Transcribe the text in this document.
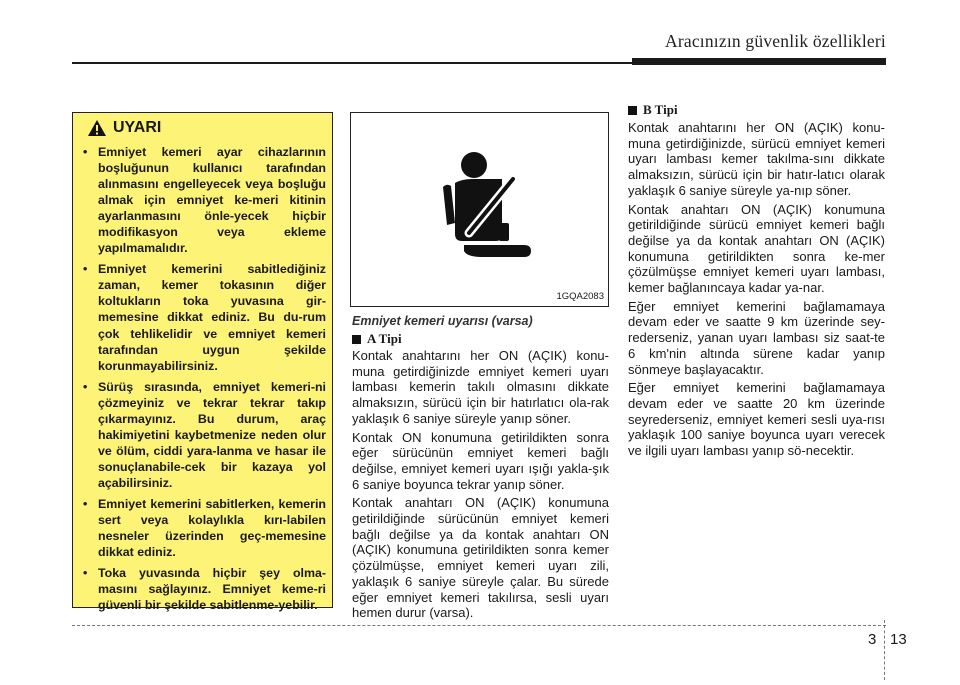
Aracınızın güvenlik özellikleri
UYARI
• Emniyet kemeri ayar cihazlarının boşluğunun kullanıcı tarafından alınmasını engelleyecek veya boşluğu almak için emniyet ke-meri kitinin ayarlanmasını önle-yecek hiçbir modifikasyon veya ekleme yapılmamalıdır.
• Emniyet kemerini sabitlediğiniz zaman, kemer tokasının diğer koltukların toka yuvasına gir-memesine dikkat ediniz. Bu du-rum çok tehlikelidir ve emniyet kemeri tarafından uygun şekilde korunmayabilirsiniz.
• Sürüş sırasında, emniyet kemeri-ni çözmeyiniz ve tekrar tekrar takıp çıkarmayınız. Bu durum, araç hakimiyetini kaybetmenize neden olur ve ölüm, ciddi yara-lanma ve hasar ile sonuçlanabile-cek bir kazaya yol açabilirsiniz.
• Emniyet kemerini sabitlerken, kemerin sert veya kolaylıkla kırı-labilen nesneler üzerinden geç-memesine dikkat ediniz.
• Toka yuvasında hiçbir şey olma-masını sağlayınız. Emniyet keme-ri güvenli bir şekilde sabitlenme-yebilir.
1GQA2083
Emniyet kemeri uyarısı (varsa)
A Tipi

Kontak anahtarını her ON (AÇIK) konu-muna getirdiğinizde emniyet kemeri uyarı lambası kemerin takılı olmasını dikkate almaksızın, sürücü için bir hatırlatıcı ola-rak yaklaşık 6 saniye süreyle yanıp söner.

Kontak ON konumuna getirildikten sonra eğer sürücünün emniyet kemeri bağlı değilse, emniyet kemeri uyarı ışığı yakla-şık 6 saniye boyunca tekrar yanıp söner.

Kontak anahtarı ON (AÇIK) konumuna getirildiğinde sürücünün emniyet kemeri bağlı değilse ya da kontak anahtarı ON (AÇIK) konumuna getirildikten sonra kemer çözülmüşse, emniyet kemeri uyarı zili, yaklaşık 6 saniye süreyle çalar. Bu sürede eğer emniyet kemeri takılırsa, sesli uyarı hemen durur (varsa).

B Tipi

Kontak anahtarını her ON (AÇIK) konu-muna getirdiğinizde, sürücü emniyet kemeri uyarı lambası kemer takılma-sını dikkate almaksızın, sürücü için bir hatır-latıcı olarak yaklaşık 6 saniye süreyle ya-nıp söner.

Kontak anahtarı ON (AÇIK) konumuna getirildiğinde sürücü emniyet kemeri bağlı değilse ya da kontak anahtarı ON (AÇIK) konumuna getirildikten sonra ke-mer çözülmüşse emniyet kemeri uyarı lambası, kemer bağlanıncaya kadar ya-nar.

Eğer emniyet kemerini bağlamamaya devam eder ve saatte 9 km üzerinde sey-rederseniz, yanan uyarı lambası siz saat-te 6 km'nin altında sürene kadar yanıp sönmeye başlayacaktır.

Eğer emniyet kemerini bağlamamaya devam eder ve saatte 20 km üzerinde seyrederseniz, emniyet kemeri sesli uya-rısı yaklaşık 100 saniye boyunca uyarı verecek ve ilgili uyarı lambası yanıp sö-necektir.

3 13
